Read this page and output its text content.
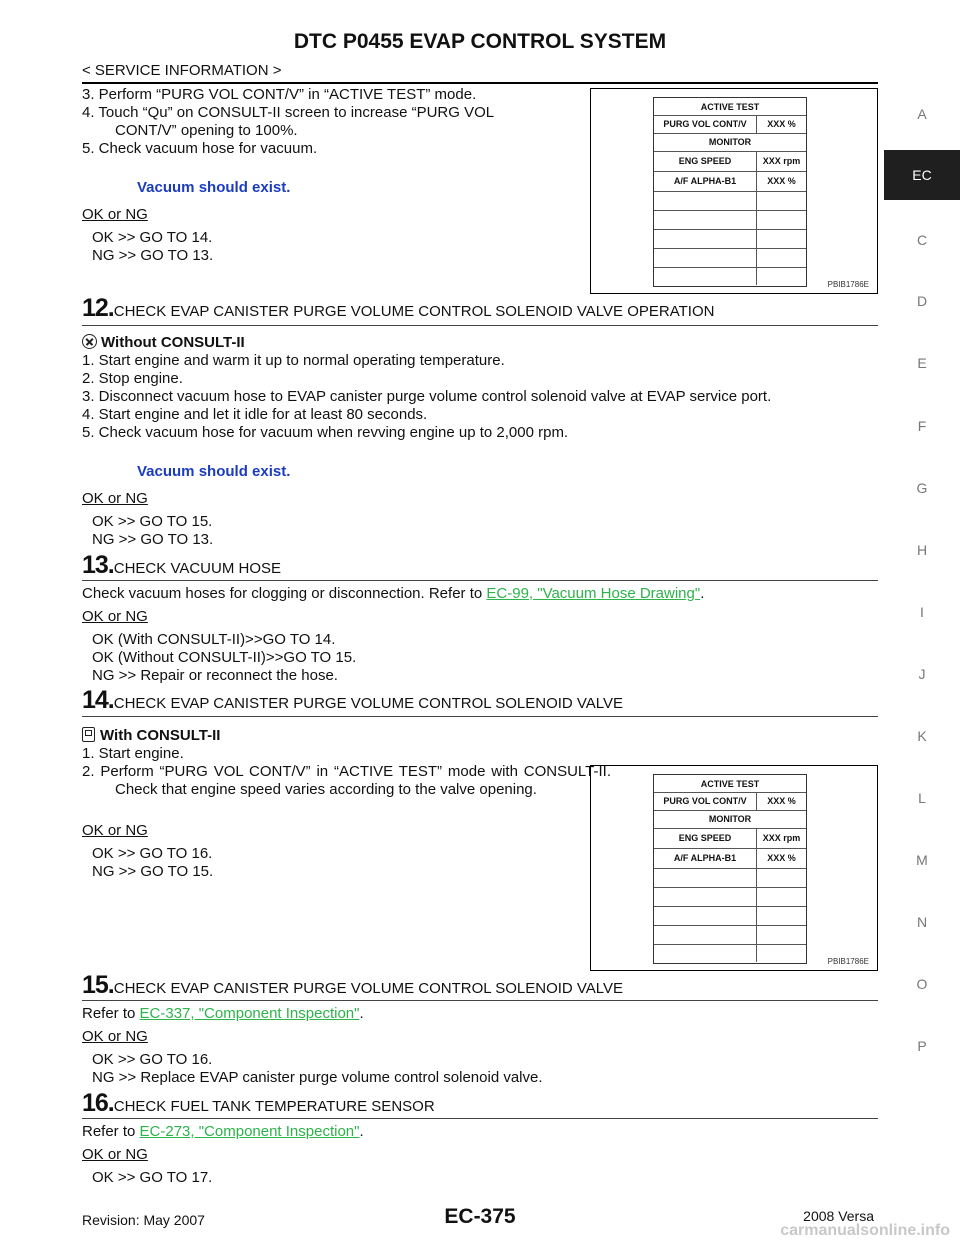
DTC P0455 EVAP CONTROL SYSTEM
< SERVICE INFORMATION >
A
EC
C
D
E
F
G
H
I
J
K
L
M
N
O
P
3. Perform “PURG VOL CONT/V” in “ACTIVE TEST” mode.
4. Touch “Qu” on CONSULT-II screen to increase “PURG VOL
CONT/V” opening to 100%.
5. Check vacuum hose for vacuum.
Vacuum should exist.
OK or NG
OK >> GO TO 14.
NG >> GO TO 13.
ACTIVE TEST
PURG VOL CONT/V	XXX %
MONITOR
ENG SPEED	XXX rpm
A/F ALPHA-B1	XXX %
PBIB1786E
12.CHECK EVAP CANISTER PURGE VOLUME CONTROL SOLENOID VALVE OPERATION
Without CONSULT-II
1. Start engine and warm it up to normal operating temperature.
2. Stop engine.
3. Disconnect vacuum hose to EVAP canister purge volume control solenoid valve at EVAP service port.
4. Start engine and let it idle for at least 80 seconds.
5. Check vacuum hose for vacuum when revving engine up to 2,000 rpm.
Vacuum should exist.
OK or NG
OK >> GO TO 15.
NG >> GO TO 13.
13.CHECK VACUUM HOSE
Check vacuum hoses for clogging or disconnection. Refer to EC-99, "Vacuum Hose Drawing".
OK or NG
OK (With CONSULT-II)>>GO TO 14.
OK (Without CONSULT-II)>>GO TO 15.
NG >> Repair or reconnect the hose.
14.CHECK EVAP CANISTER PURGE VOLUME CONTROL SOLENOID VALVE
With CONSULT-II
1. Start engine.
2. Perform “PURG VOL CONT/V” in “ACTIVE TEST” mode with CONSULT-II. Check that engine speed varies according to the valve opening.
OK or NG
OK >> GO TO 16.
NG >> GO TO 15.
ACTIVE TEST
PURG VOL CONT/V	XXX %
MONITOR
ENG SPEED	XXX rpm
A/F ALPHA-B1	XXX %
PBIB1786E
15.CHECK EVAP CANISTER PURGE VOLUME CONTROL SOLENOID VALVE
Refer to EC-337, "Component Inspection".
OK or NG
OK >> GO TO 16.
NG >> Replace EVAP canister purge volume control solenoid valve.
16.CHECK FUEL TANK TEMPERATURE SENSOR
Refer to EC-273, "Component Inspection".
OK or NG
OK >> GO TO 17.
Revision: May 2007	EC-375	2008 Versa
carmanualsonline.info
